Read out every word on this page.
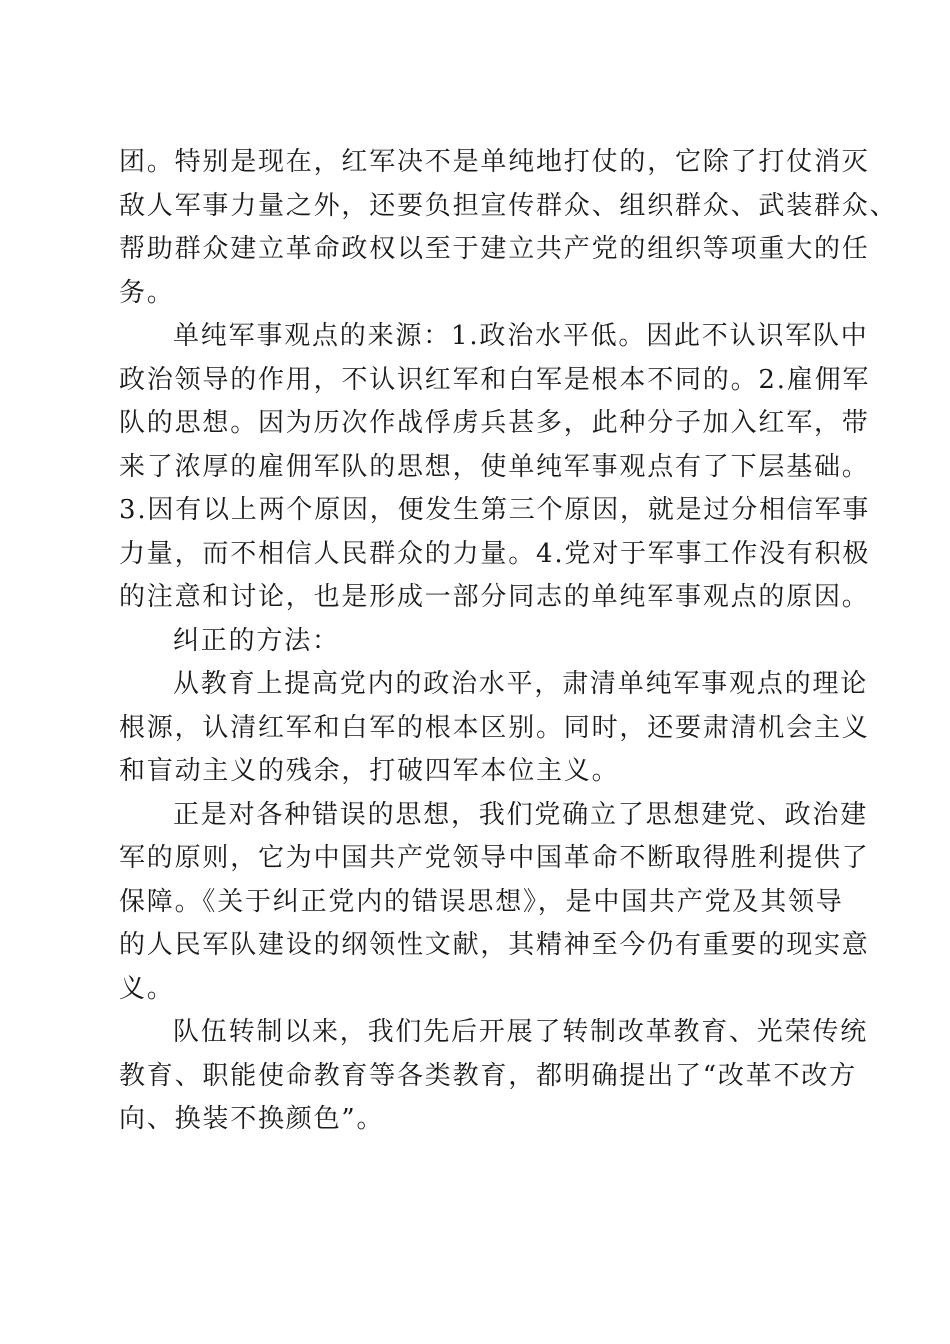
团。特别是现在，红军决不是单纯地打仗的，它除了打仗消灭
敌人军事力量之外，还要负担宣传群众、组织群众、武装群众、
帮助群众建立革命政权以至于建立共产党的组织等项重大的任
务。
单纯军事观点的来源：1.政治水平低。因此不认识军队中
政治领导的作用，不认识红军和白军是根本不同的。2.雇佣军
队的思想。因为历次作战俘虏兵甚多，此种分子加入红军，带
来了浓厚的雇佣军队的思想，使单纯军事观点有了下层基础。
3.因有以上两个原因，便发生第三个原因，就是过分相信军事
力量，而不相信人民群众的力量。4.党对于军事工作没有积极
的注意和讨论，也是形成一部分同志的单纯军事观点的原因。
纠正的方法：
从教育上提高党内的政治水平，肃清单纯军事观点的理论
根源，认清红军和白军的根本区别。同时，还要肃清机会主义
和盲动主义的残余，打破四军本位主义。
正是对各种错误的思想，我们党确立了思想建党、政治建
军的原则，它为中国共产党领导中国革命不断取得胜利提供了
保障。《关于纠正党内的错误思想》，是中国共产党及其领导
的人民军队建设的纲领性文献，其精神至今仍有重要的现实意
义。
队伍转制以来，我们先后开展了转制改革教育、光荣传统
教育、职能使命教育等各类教育，都明确提出了“改革不改方
向、换装不换颜色”。
